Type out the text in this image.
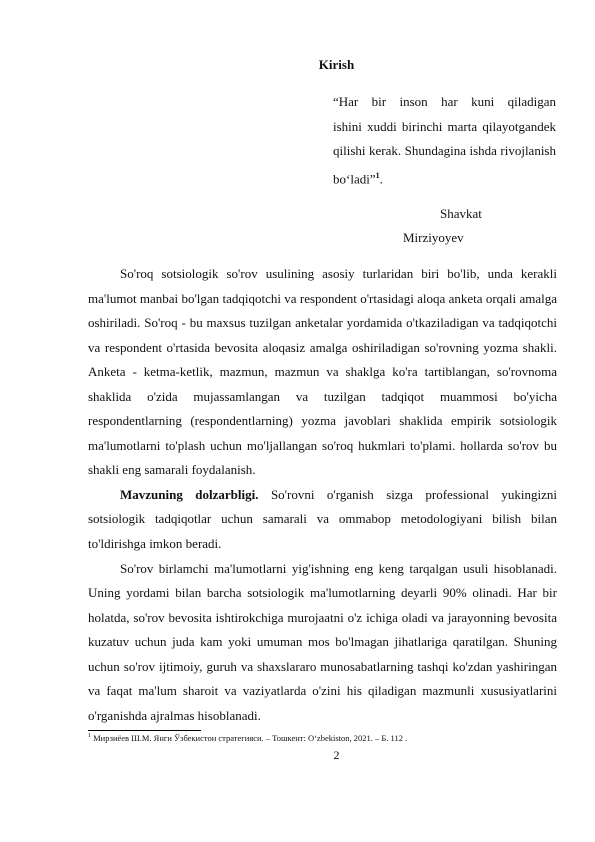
Kirish

“Har bir inson har kuni qiladigan
ishini xuddi birinchi marta qilayotgandek
qilishi kerak. Shundagina ishda rivojlanish
bo‘ladi”$^1$.

Shavkat
Mirziyoyev

So'roq sotsiologik so'rov usulining asosiy turlaridan biri bo'lib, unda kerakli ma'lumot manbai bo'lgan tadqiqotchi va respondent o'rtasidagi aloqa anketa orqali amalga oshiriladi. So'roq - bu maxsus tuzilgan anketalar yordamida o'tkaziladigan va tadqiqotchi va respondent o'rtasida bevosita aloqasiz amalga oshiriladigan so'rovning yozma shakli. Anketa - ketma-ketlik, mazmun, mazmun va shaklga ko'ra tartiblangan, so'rovnoma shaklida o'zida mujassamlangan va tuzilgan tadqiqot muammosi bo'yicha respondentlarning (respondentlarning) yozma javoblari shaklida empirik sotsiologik ma'lumotlarni to'plash uchun mo'ljallangan so'roq hukmlari to'plami. hollarda so'rov bu shakli eng samarali foydalanish.

Mavzuning dolzarbligi. So'rovni o'rganish sizga professional yukingizni sotsiologik tadqiqotlar uchun samarali va ommabop metodologiyani bilish bilan to'ldirishga imkon beradi.

So'rov birlamchi ma'lumotlarni yig'ishning eng keng tarqalgan usuli hisoblanadi. Uning yordami bilan barcha sotsiologik ma'lumotlarning deyarli 90% olinadi. Har bir holatda, so'rov bevosita ishtirokchiga murojaatni o'z ichiga oladi va jarayonning bevosita kuzatuv uchun juda kam yoki umuman mos bo'lmagan jihatlariga qaratilgan. Shuning uchun so'rov ijtimoiy, guruh va shaxslararo munosabatlarning tashqi ko'zdan yashiringan va faqat ma'lum sharoit va vaziyatlarda o'zini his qiladigan mazmunli xususiyatlarini o'rganishda ajralmas hisoblanadi.

$^1$ Мирзиёев Ш.М. Янги Ўзбекистон стратегияси. – Тошкент: O‘zbekiston, 2021. – Б. 112 .
2
